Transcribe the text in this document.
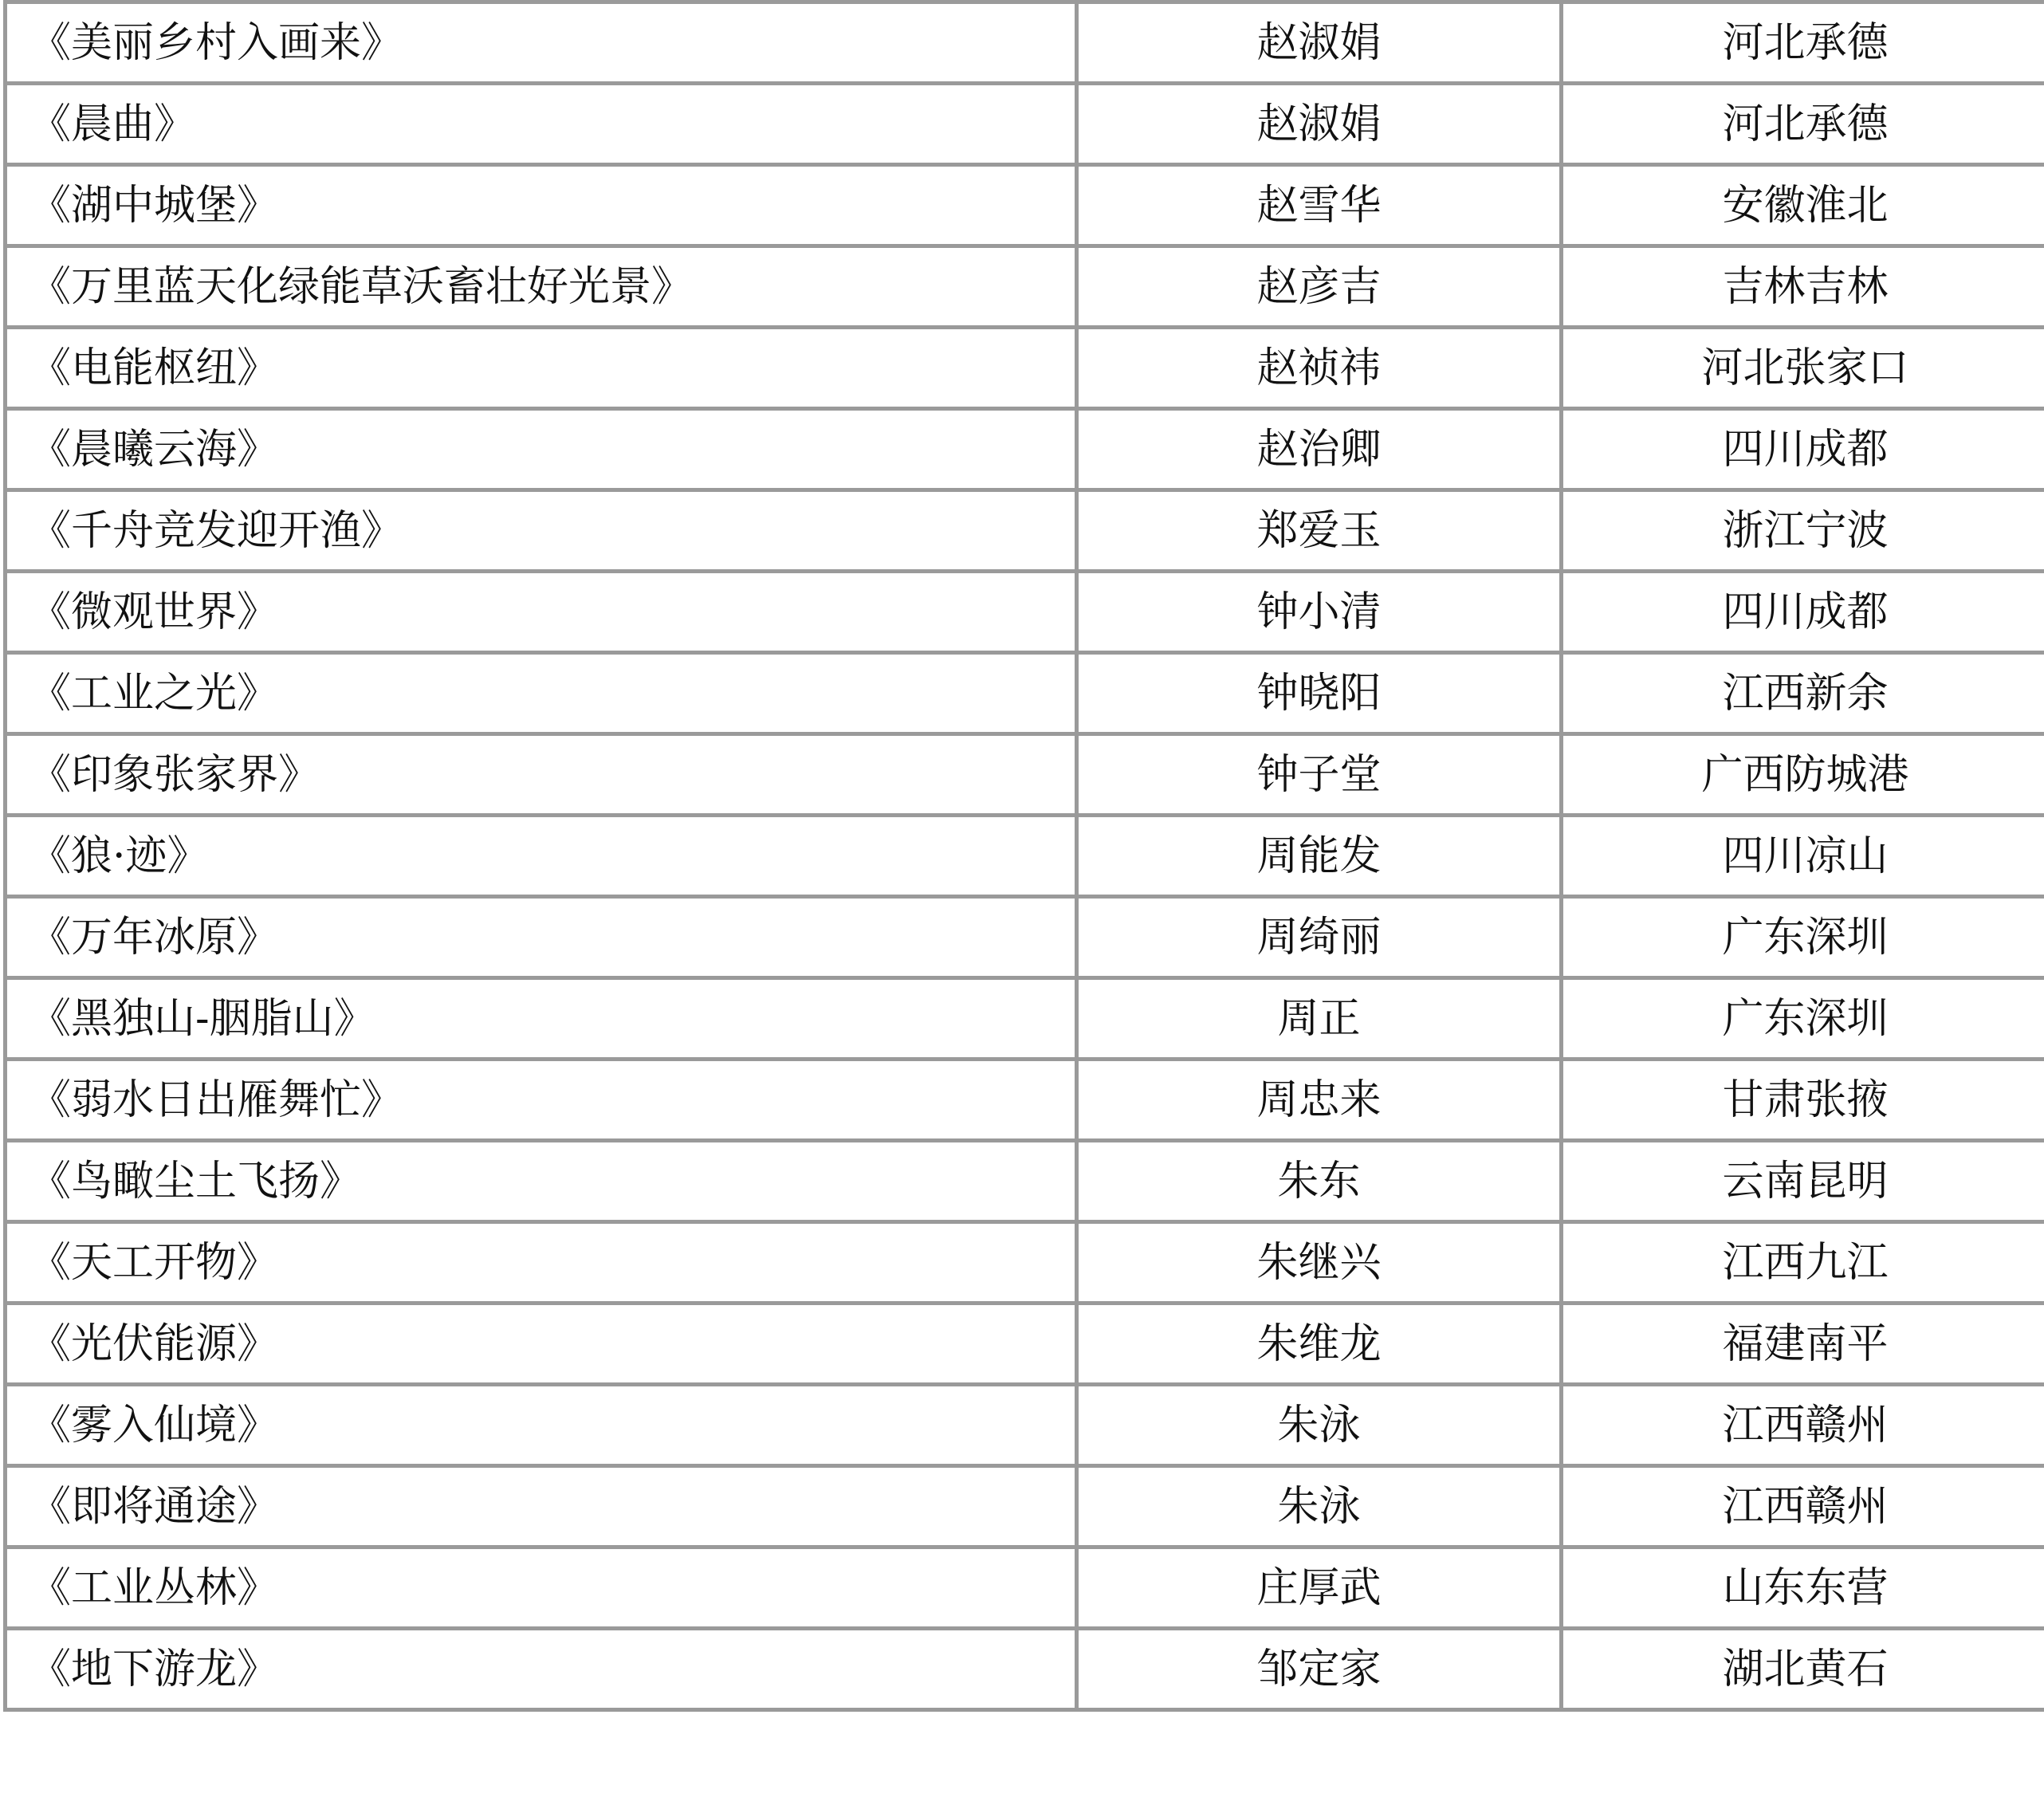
《美丽乡村入画来》	赵淑娟	河北承德
《晨曲》	赵淑娟	河北承德
《湖中城堡》	赵雪华	安徽淮北
《万里蓝天化绿能草沃畜壮好光景》	赵彦吉	吉林吉林
《电能枢纽》	赵祯祎	河北张家口
《晨曦云海》	赵治卿	四川成都
《千舟竞发迎开渔》	郑爱玉	浙江宁波
《微观世界》	钟小清	四川成都
《工业之光》	钟晓阳	江西新余
《印象张家界》	钟子堂	广西防城港
《狼·迹》	周能发	四川凉山
《万年冰原》	周绮丽	广东深圳
《黑独山-胭脂山》	周正	广东深圳
《弱水日出雁舞忙》	周忠来	甘肃张掖
《鸟瞰尘土飞扬》	朱东	云南昆明
《天工开物》	朱继兴	江西九江
《光伏能源》	朱维龙	福建南平
《雾入仙境》	朱泳	江西赣州
《即将通途》	朱泳	江西赣州
《工业丛林》	庄厚武	山东东营
《地下游龙》	邹定家	湖北黄石
